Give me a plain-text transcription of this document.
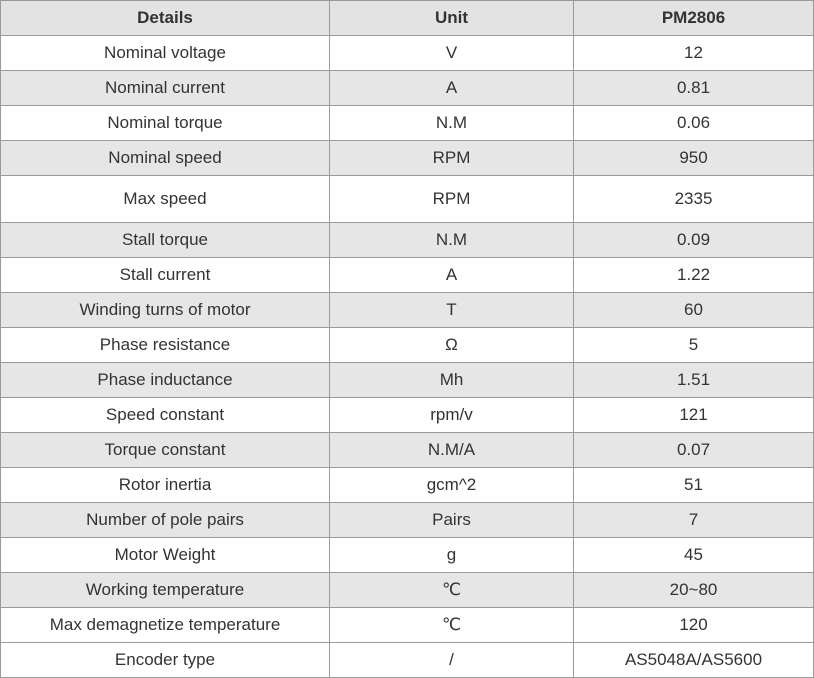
Details	Unit	PM2806
Nominal voltage	V	12
Nominal current	A	0.81
Nominal torque	N.M	0.06
Nominal speed	RPM	950
Max speed	RPM	2335
Stall torque	N.M	0.09
Stall current	A	1.22
Winding turns of motor	T	60
Phase resistance	Ω	5
Phase inductance	Mh	1.51
Speed constant	rpm/v	121
Torque constant	N.M/A	0.07
Rotor inertia	gcm^2	51
Number of pole pairs	Pairs	7
Motor Weight	g	45
Working temperature	℃	20~80
Max demagnetize temperature	℃	120
Encoder type	/	AS5048A/AS5600
